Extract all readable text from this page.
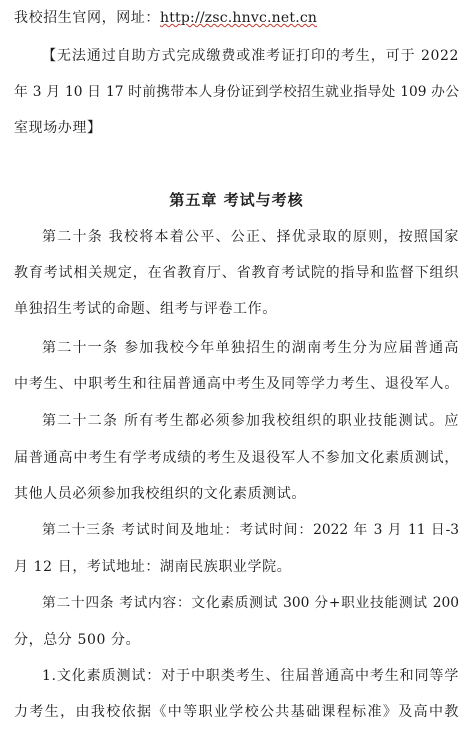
我校招生官网，网址：http://zsc.hnvc.net.cn
【无法通过自助方式完成缴费或准考证打印的考生，可于 2022
年 3 月 10 日 17 时前携带本人身份证到学校招生就业指导处 109 办公
室现场办理】
第五章 考试与考核
第二十条 我校将本着公平、公正、择优录取的原则，按照国家
教育考试相关规定，在省教育厅、省教育考试院的指导和监督下组织
单独招生考试的命题、组考与评卷工作。
第二十一条 参加我校今年单独招生的湖南考生分为应届普通高
中考生、中职考生和往届普通高中考生及同等学力考生、退役军人。
第二十二条 所有考生都必须参加我校组织的职业技能测试。应
届普通高中考生有学考成绩的考生及退役军人不参加文化素质测试，
其他人员必须参加我校组织的文化素质测试。
第二十三条 考试时间及地址：考试时间：2022 年 3 月 11 日-3
月 12 日，考试地址：湖南民族职业学院。
第二十四条 考试内容：文化素质测试 300 分+职业技能测试 200
分，总分 500 分。
1.文化素质测试：对于中职类考生、往届普通高中考生和同等学
力考生，由我校依据《中等职业学校公共基础课程标准》及高中教
